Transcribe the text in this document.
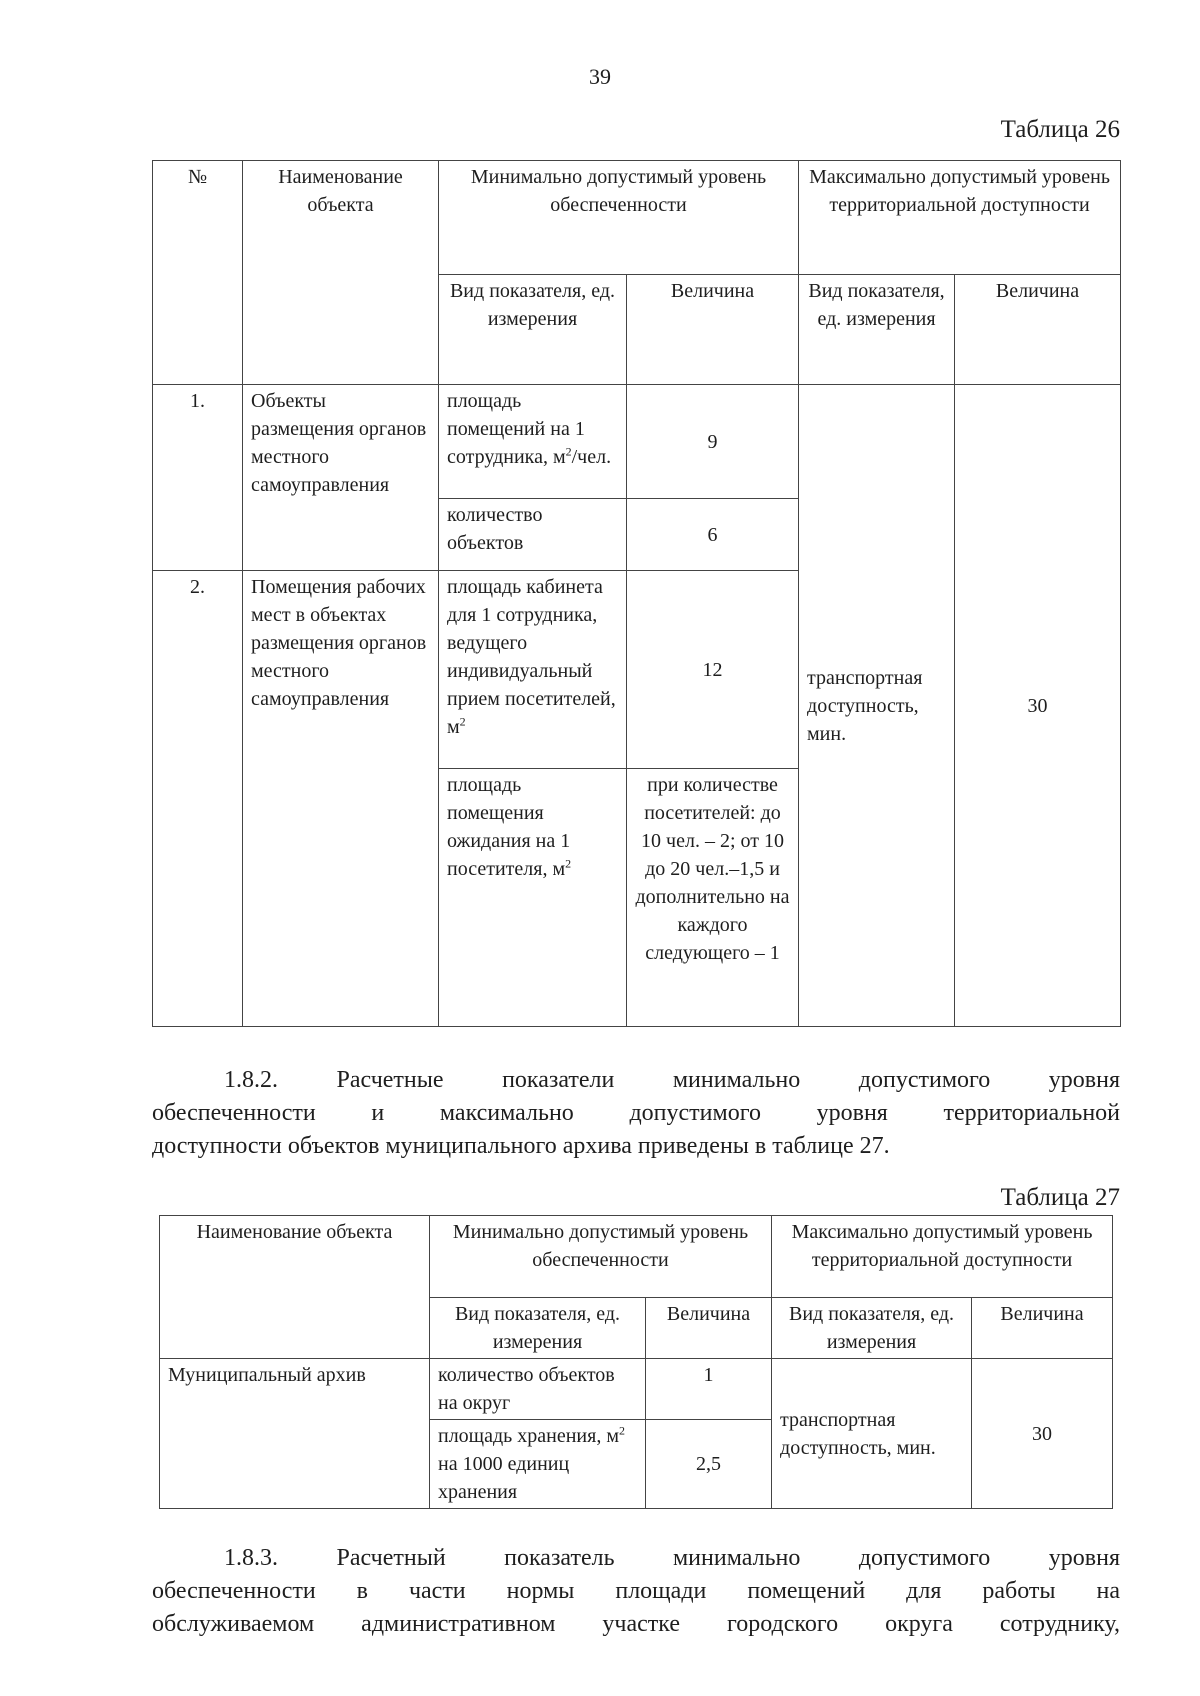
39
Таблица 26
№	Наименование объекта	Минимально допустимый уровень обеспеченности		Максимально допустимый уровень территориальной доступности	
		Вид показателя, ед. измерения	Величина	Вид показателя, ед. измерения	Величина
1.	Объекты размещения органов местного самоуправления	площадь помещений на 1 сотрудника, $м^2$/чел.	9	транспортная доступность, мин.	30
		количество объектов	6		
2.	Помещения рабочих мест в объектах размещения органов местного самоуправления	площадь кабинета для 1 сотрудника, ведущего индивидуальный прием посетителей, $м^2$	12		
		площадь помещения ожидания на 1 посетителя, $м^2$	при количестве посетителей: до 10 чел. – 2; от 10 до 20 чел.–1,5 и дополнительно на каждого следующего – 1		
1.8.2. Расчетные показатели минимально допустимого уровня
обеспеченности и максимально допустимого уровня территориальной
доступности объектов муниципального архива приведены в таблице 27.
Таблица 27
Наименование объекта	Минимально допустимый уровень обеспеченности		Максимально допустимый уровень территориальной доступности	
	Вид показателя, ед. измерения	Величина	Вид показателя, ед. измерения	Величина
Муниципальный архив	количество объектов на округ	1	транспортная доступность, мин.	30
	площадь хранения, $м^2$ на 1000 единиц хранения	2,5		
1.8.3. Расчетный показатель минимально допустимого уровня
обеспеченности в части нормы площади помещений для работы на
обслуживаемом административном участке городского округа сотруднику,
